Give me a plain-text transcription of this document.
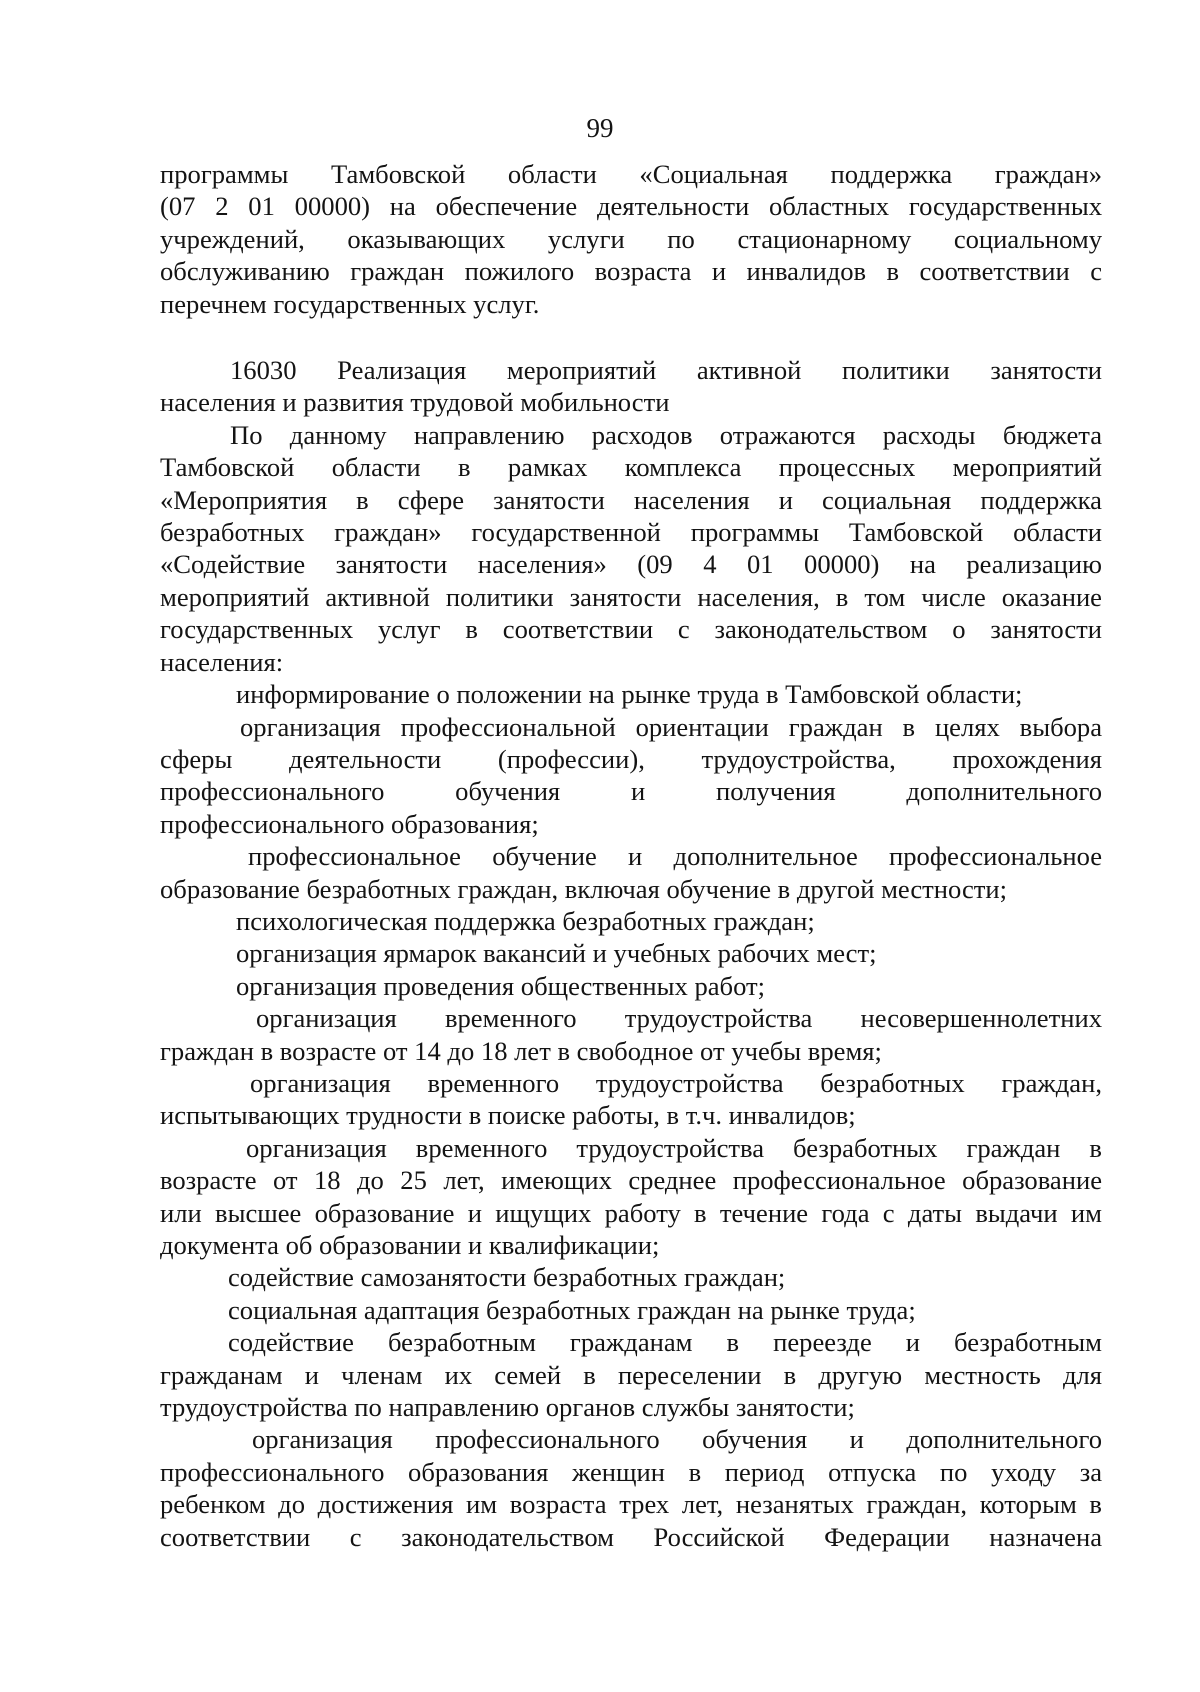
99
программы Тамбовской области «Социальная поддержка граждан»
(07 2 01 00000) на обеспечение деятельности областных государственных
учреждений, оказывающих услуги по стационарному социальному
обслуживанию граждан пожилого возраста и инвалидов в соответствии с
перечнем государственных услуг.
16030 Реализация мероприятий активной политики занятости
населения и развития трудовой мобильности
По данному направлению расходов отражаются расходы бюджета
Тамбовской области в рамках комплекса процессных мероприятий
«Мероприятия в сфере занятости населения и социальная поддержка
безработных граждан» государственной программы Тамбовской области
«Содействие занятости населения» (09 4 01 00000) на реализацию
мероприятий активной политики занятости населения, в том числе оказание
государственных услуг в соответствии с законодательством о занятости
населения:
информирование о положении на рынке труда в Тамбовской области;
организация профессиональной ориентации граждан в целях выбора
сферы деятельности (профессии), трудоустройства, прохождения
профессионального обучения и получения дополнительного
профессионального образования;
профессиональное обучение и дополнительное профессиональное
образование безработных граждан, включая обучение в другой местности;
психологическая поддержка безработных граждан;
организация ярмарок вакансий и учебных рабочих мест;
организация проведения общественных работ;
организация временного трудоустройства несовершеннолетних
граждан в возрасте от 14 до 18 лет в свободное от учебы время;
организация временного трудоустройства безработных граждан,
испытывающих трудности в поиске работы, в т.ч. инвалидов;
организация временного трудоустройства безработных граждан в
возрасте от 18 до 25 лет, имеющих среднее профессиональное образование
или высшее образование и ищущих работу в течение года с даты выдачи им
документа об образовании и квалификации;
содействие самозанятости безработных граждан;
социальная адаптация безработных граждан на рынке труда;
содействие безработным гражданам в переезде и безработным
гражданам и членам их семей в переселении в другую местность для
трудоустройства по направлению органов службы занятости;
организация профессионального обучения и дополнительного
профессионального образования женщин в период отпуска по уходу за
ребенком до достижения им возраста трех лет, незанятых граждан, которым в
соответствии с законодательством Российской Федерации назначена
